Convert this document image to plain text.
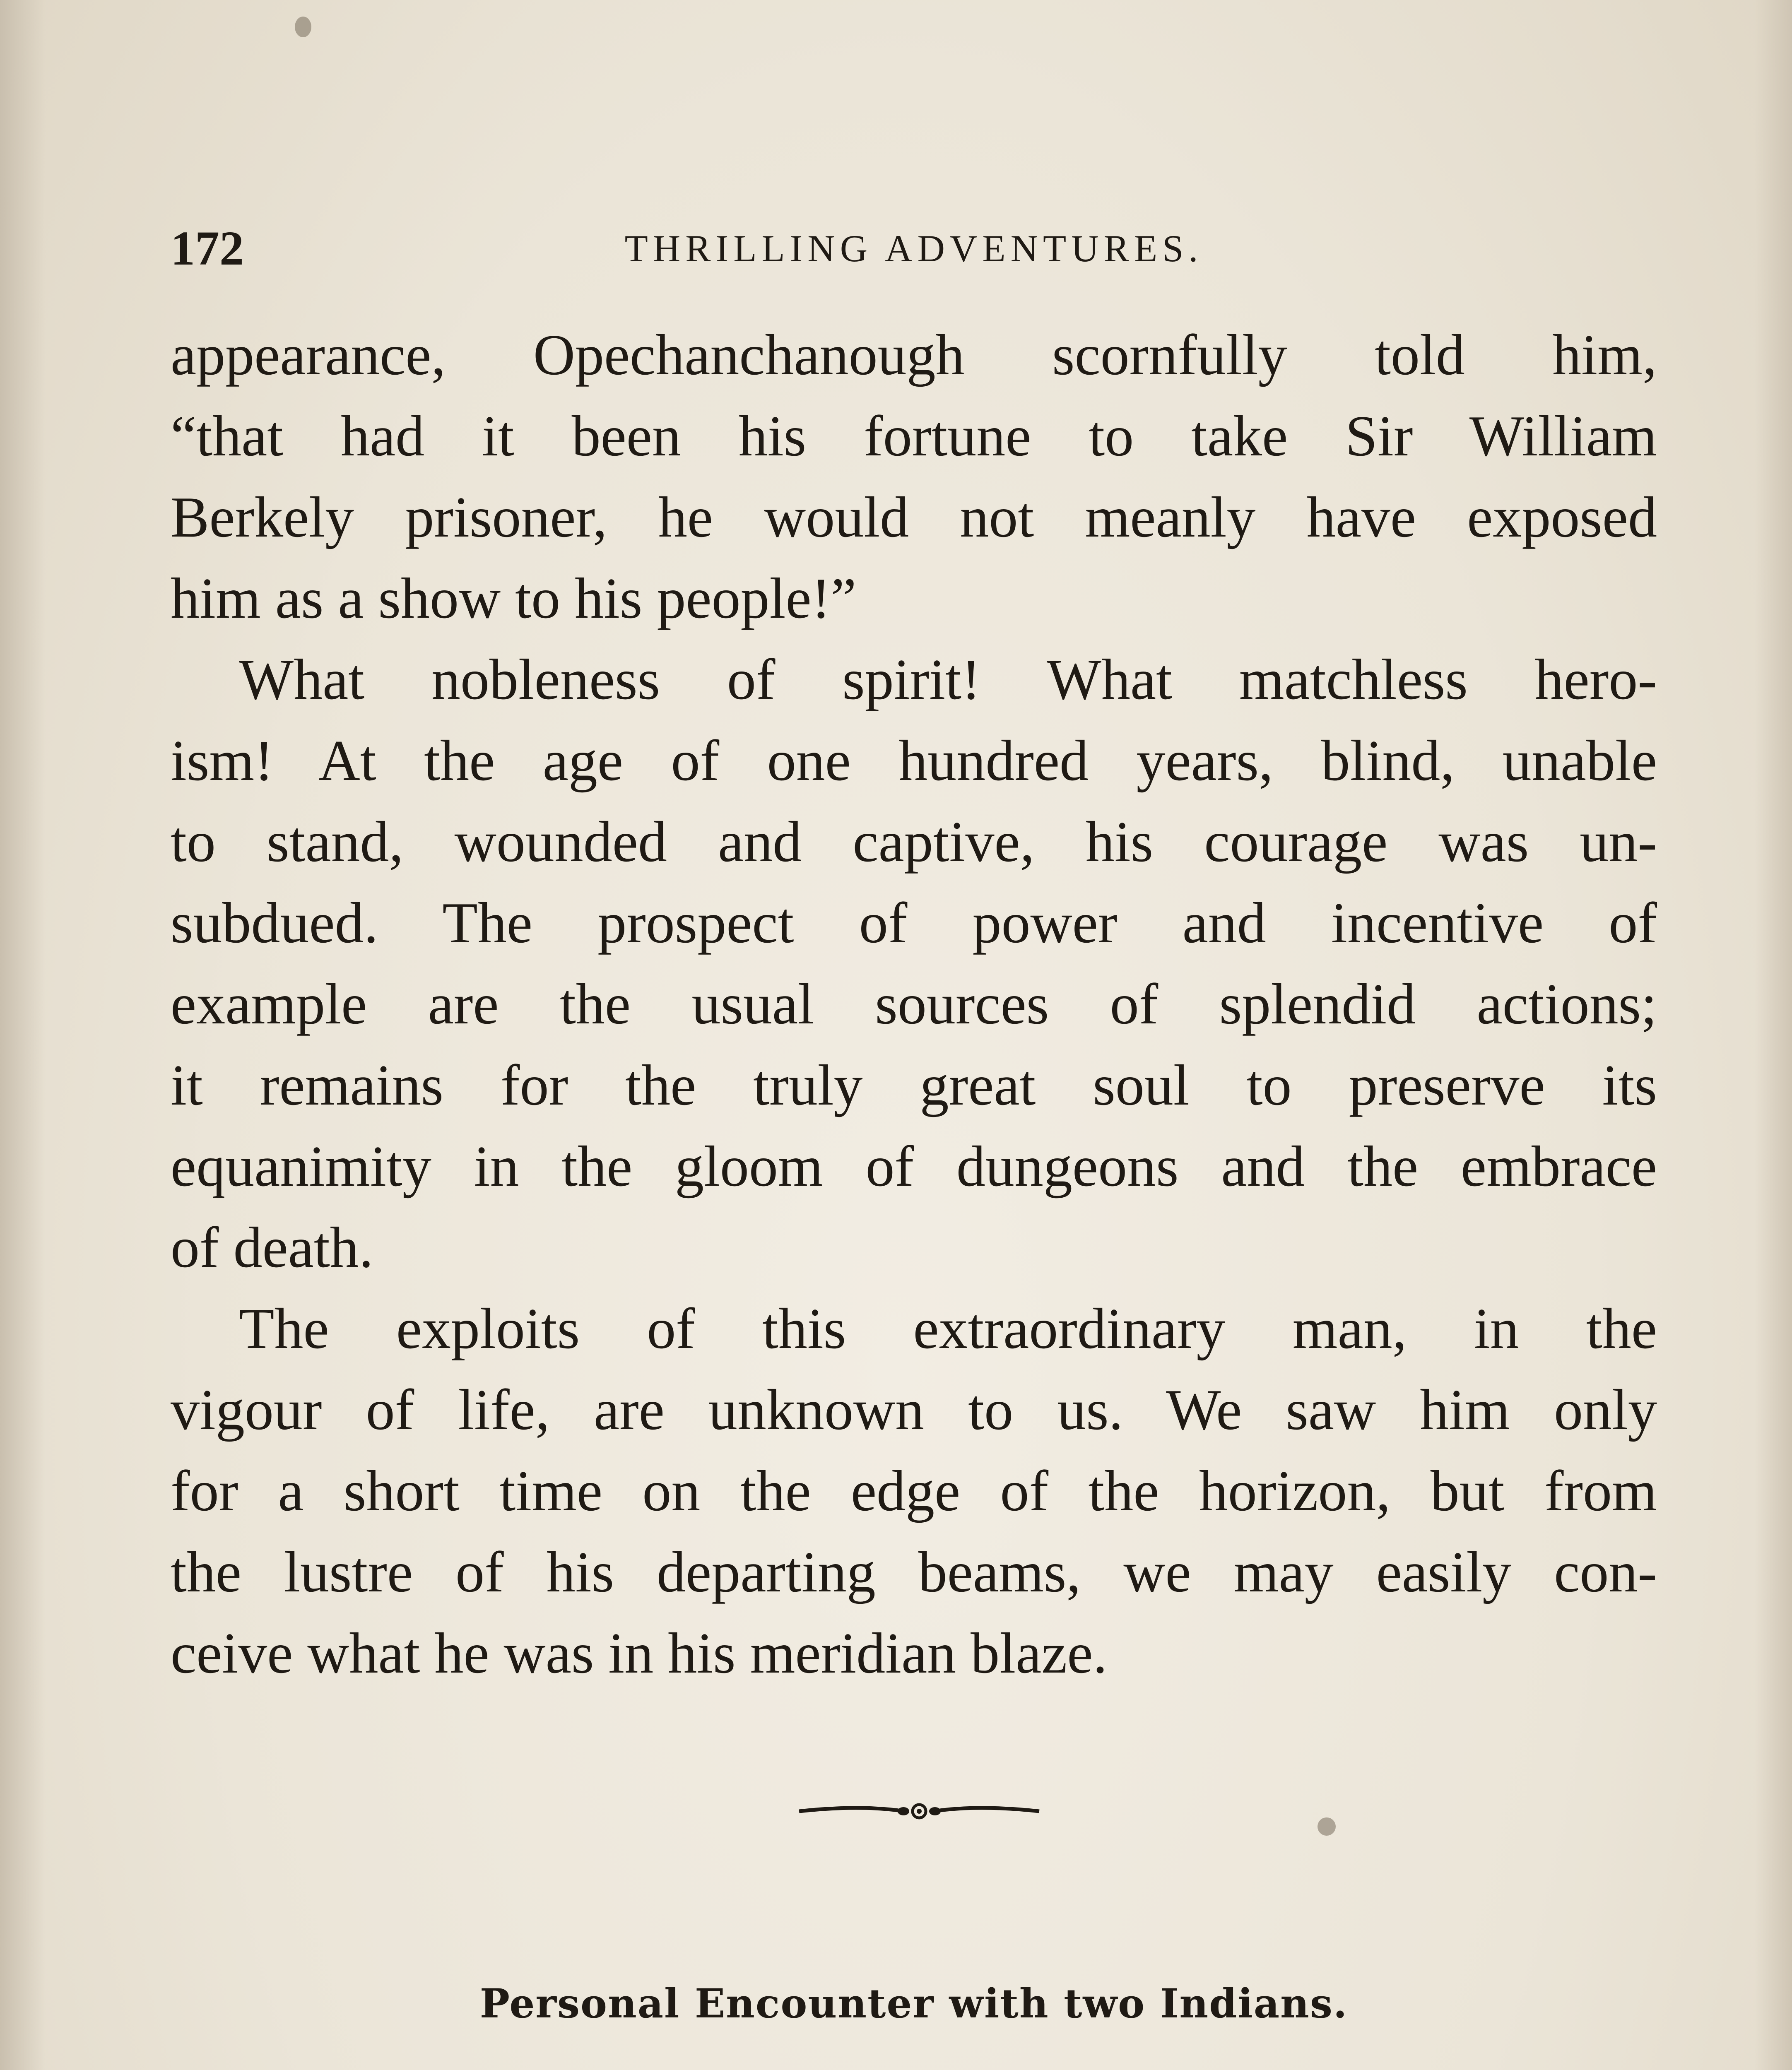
172	THRILLING ADVENTURES.

appearance, Opechanchanough scornfully told him,
“that had it been his fortune to take Sir William
Berkely prisoner, he would not meanly have exposed
him as a show to his people!”

What nobleness of spirit! What matchless hero-
ism! At the age of one hundred years, blind, unable
to stand, wounded and captive, his courage was un-
subdued. The prospect of power and incentive of
example are the usual sources of splendid actions;
it remains for the truly great soul to preserve its
equanimity in the gloom of dungeons and the embrace
of death.

The exploits of this extraordinary man, in the
vigour of life, are unknown to us. We saw him only
for a short time on the edge of the horizon, but from
the lustre of his departing beams, we may easily con-
ceive what he was in his meridian blaze.

Personal Encounter with two Indians.
